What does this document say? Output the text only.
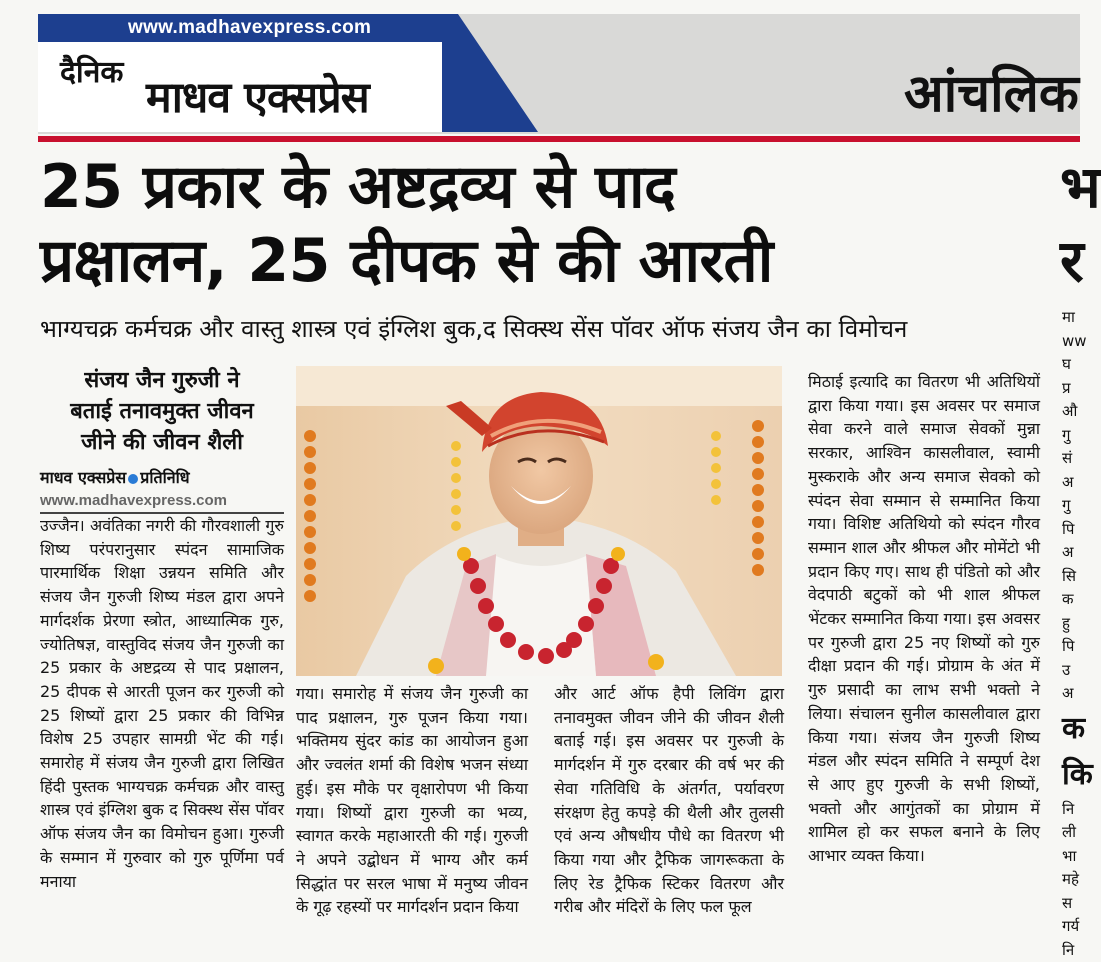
www.madhavexpress.com
दैनिक
माधव एक्सप्रेस	आंचलिक
25 प्रकार के अष्टद्रव्य से पाद
प्रक्षालन, 25 दीपक से की आरती
भाग्यचक्र कर्मचक्र और वास्तु शास्त्र एवं इंग्लिश बुक,द सिक्स्थ सेंस पॉवर ऑफ संजय जैन का विमोचन
संजय जैन गुरुजी ने
बताई तनावमुक्त जीवन
जीने की जीवन शैली
माधव एक्सप्रेस प्रतिनिधि
www.madhavexpress.com
उज्जैन। अवंतिका नगरी की गौरवशाली गुरु शिष्य परंपरानुसार स्पंदन सामाजिक पारमार्थिक शिक्षा उन्नयन समिति और संजय जैन गुरुजी शिष्य मंडल द्वारा अपने मार्गदर्शक प्रेरणा स्त्रोत, आध्यात्मिक गुरु, ज्योतिषज्ञ, वास्तुविद संजय जैन गुरुजी का 25 प्रकार के अष्टद्रव्य से पाद प्रक्षालन, 25 दीपक से आरती पूजन कर गुरुजी को 25 शिष्यों द्वारा 25 प्रकार की विभिन्न विशेष 25 उपहार सामग्री भेंट की गई। समारोह में संजय जैन गुरुजी द्वारा लिखित हिंदी पुस्तक भाग्यचक्र कर्मचक्र और वास्तु शास्त्र एवं इंग्लिश बुक द सिक्स्थ सेंस पॉवर ऑफ संजय जैन का विमोचन हुआ। गुरुजी के सम्मान में गुरुवार को गुरु पूर्णिमा पर्व मनाया
गया। समारोह में संजय जैन गुरुजी का पाद प्रक्षालन, गुरु पूजन किया गया। भक्तिमय सुंदर कांड का आयोजन हुआ और ज्वलंत शर्मा की विशेष भजन संध्या हुई। इस मौके पर वृक्षारोपण भी किया गया। शिष्यों द्वारा गुरुजी का भव्य, स्वागत करके महाआरती की गई। गुरुजी ने अपने उद्बोधन में भाग्य और कर्म सिद्धांत पर सरल भाषा में मनुष्य जीवन के गूढ़ रहस्यों पर मार्गदर्शन प्रदान किया
और आर्ट ऑफ हैपी लिविंग द्वारा तनावमुक्त जीवन जीने की जीवन शैली बताई गई। इस अवसर पर गुरुजी के मार्गदर्शन में गुरु दरबार की वर्ष भर की सेवा गतिविधि के अंतर्गत, पर्यावरण संरक्षण हेतु कपड़े की थैली और तुलसी एवं अन्य औषधीय पौधे का वितरण भी किया गया और ट्रैफिक जागरूकता के लिए रेड ट्रैफिक स्टिकर वितरण और गरीब और मंदिरों के लिए फल फूल
मिठाई इत्यादि का वितरण भी अतिथियों द्वारा किया गया। इस अवसर पर समाज सेवा करने वाले समाज सेवकों मुन्ना सरकार, आश्विन कासलीवाल, स्वामी मुस्कराके और अन्य समाज सेवको को स्पंदन सेवा सम्मान से सम्मानित किया गया। विशिष्ट अतिथियो को स्पंदन गौरव सम्मान शाल और श्रीफल और मोमेंटो भी प्रदान किए गए। साथ ही पंडितो को और वेदपाठी बटुकों को भी शाल श्रीफल भेंटकर सम्मानित किया गया। इस अवसर पर गुरुजी द्वारा 25 नए शिष्यों को गुरु दीक्षा प्रदान की गई। प्रोग्राम के अंत में गुरु प्रसादी का लाभ सभी भक्तो ने लिया। संचालन सुनील कासलीवाल द्वारा किया गया। संजय जैन गुरुजी शिष्य मंडल और स्पंदन समिति ने सम्पूर्ण देश से आए हुए गुरुजी के सभी शिष्यों, भक्तो और आगुंतकों का प्रोग्राम में शामिल हो कर सफल बनाने के लिए आभार व्यक्त किया।
भ
र
मा
ww
घ
प्र
औ
गु
सं
अ
गु
पि
अ
सि
क
हु
पि
उ
अ
क
कि
नि
ली
भा
महे
स
गर्य
नि
